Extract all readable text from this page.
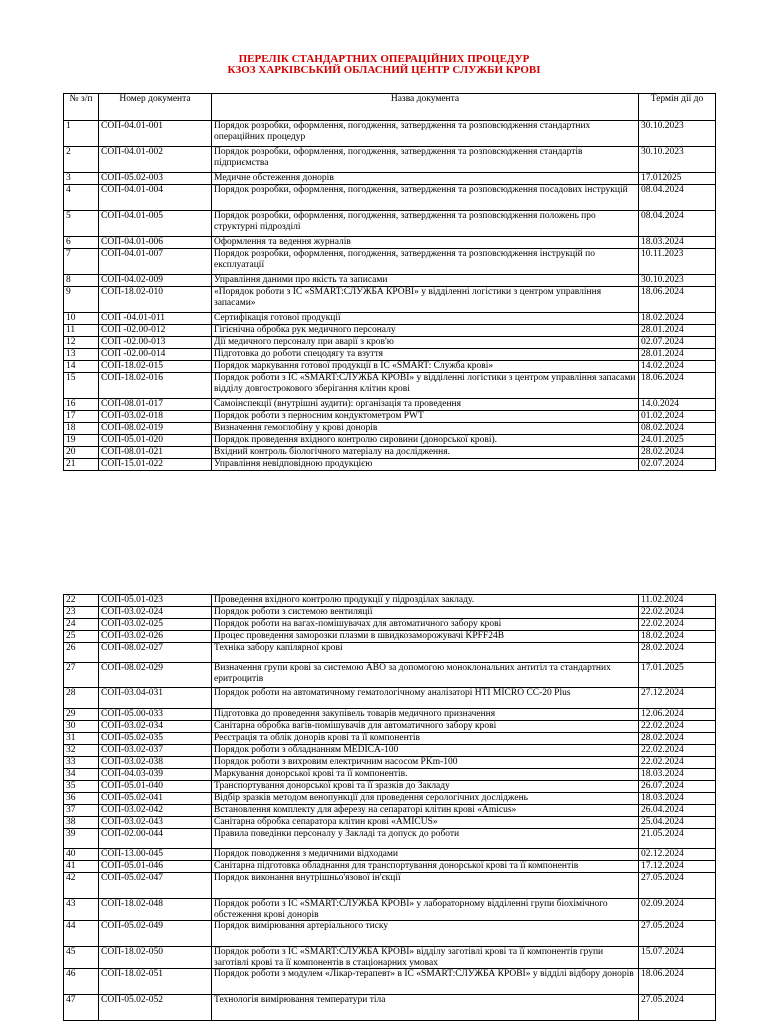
ПЕРЕЛІК СТАНДАРТНИХ ОПЕРАЦІЙНИХ ПРОЦЕДУР
КЗОЗ ХАРКІВСЬКИЙ ОБЛАСНИЙ ЦЕНТР СЛУЖБИ КРОВІ
№ з/п	Номер документа	Назва документа	Термін дії до
1	СОП-04.01-001	Порядок розробки, оформлення, погодження, затвердження та розповсюдження стандартних операційних процедур	30.10.2023
2	СОП-04.01-002	Порядок розробки, оформлення, погодження, затвердження та розповсюдження стандартів підприємства	30.10.2023
3	СОП-05.02-003	Медичне обстеження донорів	17.012025
4	СОП-04.01-004	Порядок розробки, оформлення, погодження, затвердження та розповсюдження посадових інструкцій	08.04.2024
5	СОП-04.01-005	Порядок розробки, оформлення, погодження, затвердження та розповсюдження положень про структурні підрозділі	08.04.2024
6	СОП-04.01-006	Оформлення та ведення журналів	18.03.2024
7	СОП-04.01-007	Порядок розробки, оформлення, погодження, затвердження та розповсюдження інструкцій по експлуатації	10.11.2023
8	СОП-04.02-009	Управління даними про якість та записами	30.10.2023
9	СОП-18.02-010	«Порядок роботи з ІС «SMART:СЛУЖБА КРОВІ» у відділенні логістики з центром управління запасами»	18.06.2024
10	СОП -04.01-011	Сертифікація готової продукції	18.02.2024
11	СОП -02.00-012	Гігієнічна обробка рук медичного персоналу	28.01.2024
12	СОП -02.00-013	Дії медичного персоналу при аварії з кров'ю	02.07.2024
13	СОП -02.00-014	Підготовка до роботи спецодягу та взуття	28.01.2024
14	СОП-18.02-015	Порядок маркування готової продукції в ІС «SMART: Служба крові»	14.02.2024
15	СОП-18.02-016	Порядок роботи з ІС «SMART:СЛУЖБА КРОВІ» у відділенні логістики з центром управління запасами відділу довгострокового зберігання клітин крові	18.06.2024
16	СОП-08.01-017	Самоінспекції (внутрішні аудити): організація та проведення	14.0.2024
17	СОП-03.02-018	Порядок роботи з перносним кондуктометром PWT	01.02.2024
18	СОП-08.02-019	Визначення гемоглобіну у крові донорів	08.02.2024
19	СОП-05.01-020	Порядок проведення вхідного контролю сировини (донорської крові).	24.01.2025
20	СОП-08.01-021	Вхідний контроль біологічного матеріалу на дослідження.	28.02.2024
21	СОП-15.01-022	Управління невідповідною продукцією	02.07.2024
22	СОП-05.01-023	Проведення вхідного контролю продукції у підрозділах закладу.	11.02.2024
23	СОП-03.02-024	Порядок роботи з системою вентиляції	22.02.2024
24	СОП-03.02-025	Порядок роботи на вагах-помішувачах для автоматичного забору крові	22.02.2024
25	СОП-03.02-026	Процес проведення заморозки плазми в швидкозаморожувачі KPFF24B	18.02.2024
26	СОП-08.02-027	Техніка забору капілярної крові	28.02.2024
27	СОП-08.02-029	Визначення групи крові за системою АВО за допомогою моноклональних антитіл та стандартних еритроцитів	17.01.2025
28	СОП-03.04-031	Порядок роботи на автоматичному гематологічному аналізаторі HTI MICRO CC-20 Plus	27.12.2024
29	СОП-05.00-033	Підготовка до проведення закупівель товарів медичного призначення	12.06.2024
30	СОП-03.02-034	Санітарна обробка вагів-помішувачів для автоматичного забору крові	22.02.2024
31	СОП-05.02-035	Реєстрація та облік донорів крові та її компонентів	28.02.2024
32	СОП-03.02-037	Порядок роботи з обладнанням MEDICA-100	22.02.2024
33	СОП-03.02-038	Порядок роботи з вихровим електричним насосом PKm-100	22.02.2024
34	СОП-04.03-039	Маркування донорської крові та її компонентів.	18.03.2024
35	СОП-05.01-040	Транспортування донорської крові та її зразків до Закладу	26.07.2024
36	СОП-05.02-041	Відбір зразків методом венопункції для проведення серологічних досліджень	18.03.2024
37	СОП-03.02-042	Встановлення комплекту для аферезу на сепараторі клітин крові «Amicus»	26.04.2024
38	СОП-03.02-043	Санітарна обробка сепаратора клітин крові «AMICUS»	25.04.2024
39	СОП-02.00-044	Правила поведінки персоналу у Закладі та допуск до роботи	21.05.2024
40	СОП-13.00-045	Порядок поводження з медичними відходами	02.12.2024
41	СОП-05.01-046	Санітарна підготовка обладнання для транспортування донорської крові та її компонентів	17.12.2024
42	СОП-05.02-047	Порядок виконання внутрішньо'язової ін'єкції	27.05.2024
43	СОП-18.02-048	Порядок роботи з ІС «SMART:СЛУЖБА КРОВІ» у лабораторному відділенні групи біохімічного обстеження крові донорів	02.09.2024
44	СОП-05.02-049	Порядок вимірювання артеріального тиску	27.05.2024
45	СОП-18.02-050	Порядок роботи з ІС «SMART:СЛУЖБА КРОВІ» відділу заготівлі крові та її компонентів групи заготівлі крові та її компонентів в стаціонарних умовах	15.07.2024
46	СОП-18.02-051	Порядок роботи з модулем «Лікар-терапевт» в ІС «SMART:СЛУЖБА КРОВІ» у відділі відбору донорів	18.06.2024
47	СОП-05.02-052	Технологія вимірювання температури тіла	27.05.2024
